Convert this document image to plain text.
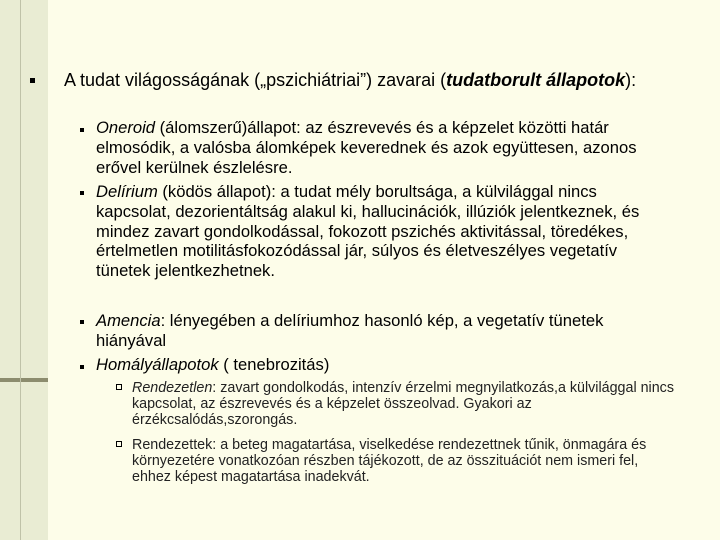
A tudat világosságának („pszichiátriai”) zavarai (tudatborult állapotok):
Oneroid (álomszerű)állapot: az észrevevés és a képzelet közötti határ elmosódik, a valósba álomképek keverednek és azok együttesen, azonos erővel kerülnek észlelésre.
Delírium (ködös állapot): a tudat mély borultsága, a külvilággal nincs kapcsolat, dezorientáltság alakul ki, hallucinációk, illúziók jelentkeznek, és mindez zavart gondolkodással, fokozott pszichés aktivitással, töredékes, értelmetlen motilitásfokozódással jár, súlyos és életveszélyes vegetatív tünetek jelentkezhetnek.
Amencia: lényegében a delíriumhoz hasonló kép, a vegetatív tünetek hiányával
Homályállapotok ( tenebrozitás)
Rendezetlen: zavart gondolkodás, intenzív érzelmi megnyilatkozás,a külvilággal nincs kapcsolat, az észrevevés és a képzelet összeolvad. Gyakori az érzékcsalódás,szorongás.
Rendezettek: a beteg magatartása, viselkedése rendezettnek tűnik, önmagára és környezetére vonatkozóan részben tájékozott, de az összituációt nem ismeri fel, ehhez képest magatartása inadekvát.
